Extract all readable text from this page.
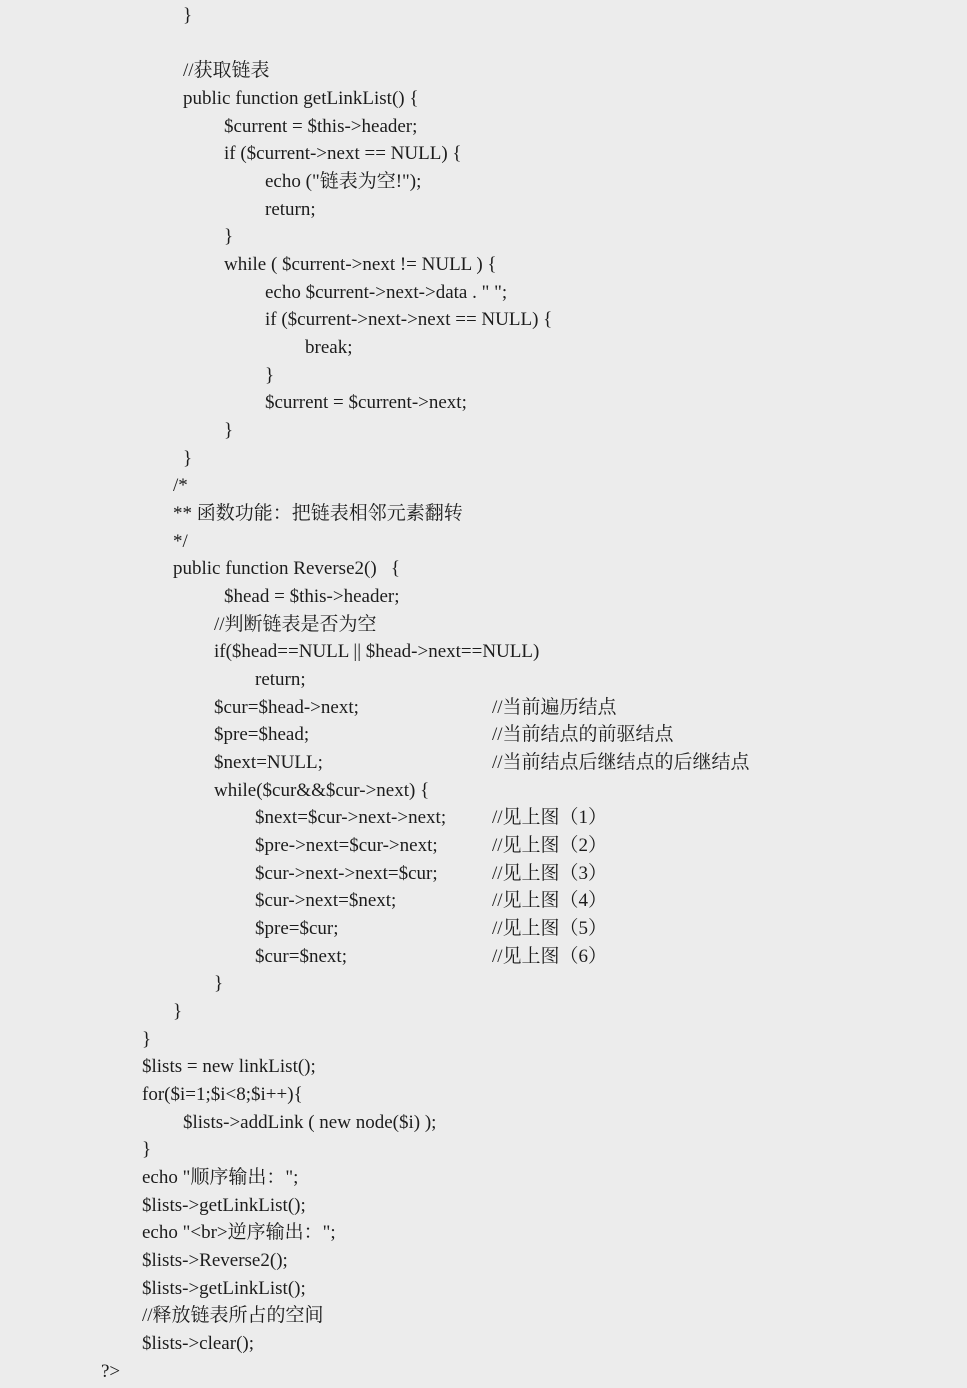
}
//获取链表
public function getLinkList() {
$current = $this->header;
if ($current->next == NULL) {
echo ("链表为空!");
return;
}
while ( $current->next != NULL ) {
echo $current->next->data . " ";
if ($current->next->next == NULL) {
break;
}
$current = $current->next;
}
}
/*
** 函数功能：把链表相邻元素翻转
*/
public function Reverse2()   {
$head = $this->header;
//判断链表是否为空
if($head==NULL || $head->next==NULL)
return;
$cur=$head->next;	//当前遍历结点
$pre=$head;	//当前结点的前驱结点
$next=NULL;	//当前结点后继结点的后继结点
while($cur&&$cur->next) {
$next=$cur->next->next; //见上图（1）
$pre->next=$cur->next;	//见上图（2）
$cur->next->next=$cur;	//见上图（3）
$cur->next=$next;	//见上图（4）
$pre=$cur;	//见上图（5）
$cur=$next;	//见上图（6）
}
}
}
$lists = new linkList();
for($i=1;$i<8;$i++){
$lists->addLink ( new node($i) );
}
echo "顺序输出：";
$lists->getLinkList();
echo "<br>逆序输出：";
$lists->Reverse2();
$lists->getLinkList();
//释放链表所占的空间
$lists->clear();
?>
